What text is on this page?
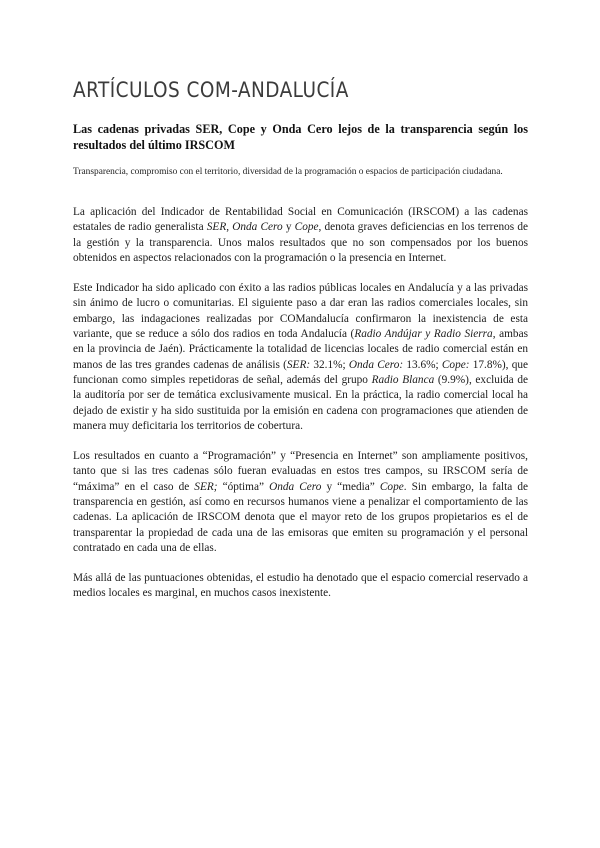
ARTÍCULOS COM-ANDALUCÍA
Las cadenas privadas SER, Cope y Onda Cero lejos de la transparencia según los resultados del último IRSCOM

Transparencia, compromiso con el territorio, diversidad de la programación o espacios de participación ciudadana.

La aplicación del Indicador de Rentabilidad Social en Comunicación (IRSCOM) a las cadenas estatales de radio generalista SER, Onda Cero y Cope, denota graves deficiencias en los terrenos de la gestión y la transparencia. Unos malos resultados que no son compensados por los buenos obtenidos en aspectos relacionados con la programación o la presencia en Internet.

Este Indicador ha sido aplicado con éxito a las radios públicas locales en Andalucía y a las privadas sin ánimo de lucro o comunitarias. El siguiente paso a dar eran las radios comerciales locales, sin embargo, las indagaciones realizadas por COMandalucía confirmaron la inexistencia de esta variante, que se reduce a sólo dos radios en toda Andalucía (Radio Andújar y Radio Sierra, ambas en la provincia de Jaén). Prácticamente la totalidad de licencias locales de radio comercial están en manos de las tres grandes cadenas de análisis (SER: 32.1%; Onda Cero: 13.6%; Cope: 17.8%), que funcionan como simples repetidoras de señal, además del grupo Radio Blanca (9.9%), excluida de la auditoría por ser de temática exclusivamente musical. En la práctica, la radio comercial local ha dejado de existir y ha sido sustituida por la emisión en cadena con programaciones que atienden de manera muy deficitaria los territorios de cobertura.

Los resultados en cuanto a “Programación” y “Presencia en Internet” son ampliamente positivos, tanto que si las tres cadenas sólo fueran evaluadas en estos tres campos, su IRSCOM sería de “máxima” en el caso de SER; “óptima” Onda Cero y “media” Cope. Sin embargo, la falta de transparencia en gestión, así como en recursos humanos viene a penalizar el comportamiento de las cadenas. La aplicación de IRSCOM denota que el mayor reto de los grupos propietarios es el de transparentar la propiedad de cada una de las emisoras que emiten su programación y el personal contratado en cada una de ellas.

Más allá de las puntuaciones obtenidas, el estudio ha denotado que el espacio comercial reservado a medios locales es marginal, en muchos casos inexistente.
